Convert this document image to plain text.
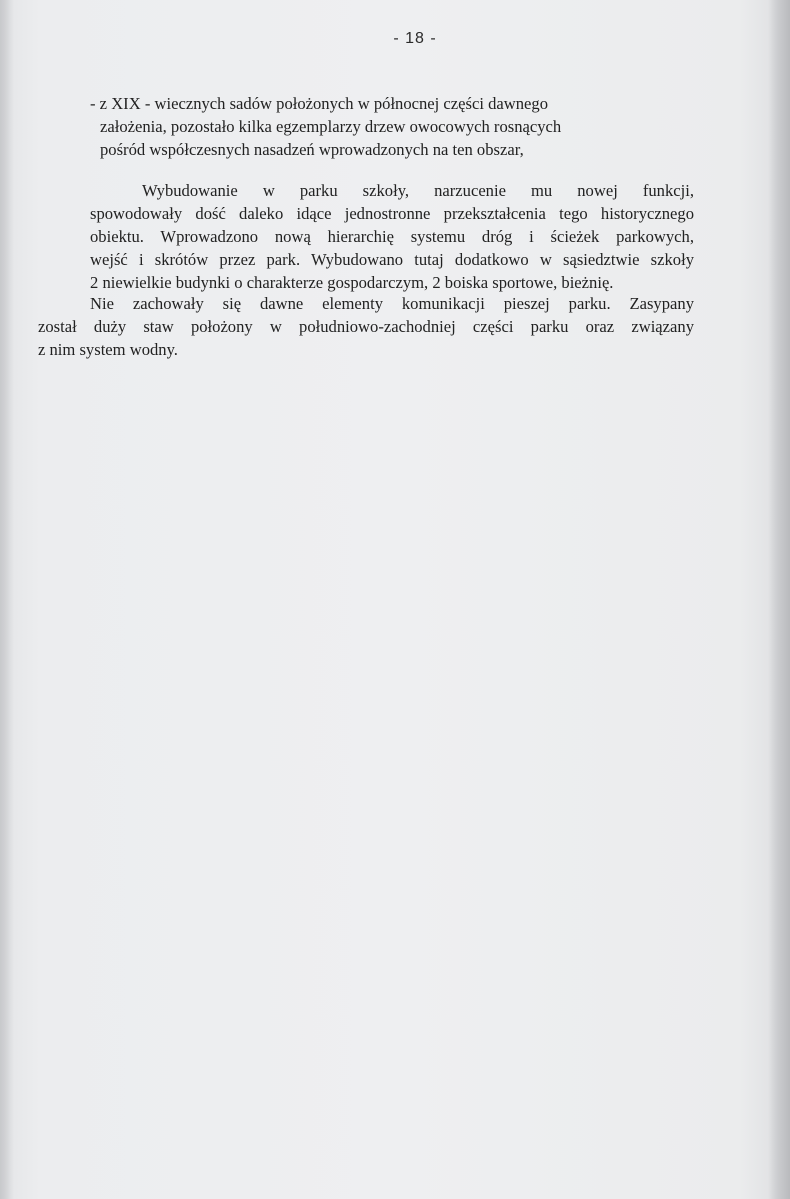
- 18 -
- z XIX - wiecznych sadów położonych w północnej części dawnego
założenia, pozostało kilka egzemplarzy drzew owocowych rosnących
pośród współczesnych nasadzeń wprowadzonych na ten obszar,
Wybudowanie w parku szkoły, narzucenie mu nowej funkcji,
spowodowały dość daleko idące jednostronne przekształcenia tego historycznego
obiektu. Wprowadzono nową hierarchię systemu dróg i ścieżek parkowych,
wejść i skrótów przez park. Wybudowano tutaj dodatkowo w sąsiedztwie szkoły
2 niewielkie budynki o charakterze gospodarczym, 2 boiska sportowe, bieżnię.
Nie zachowały się dawne elementy komunikacji pieszej parku. Zasypany
został duży staw położony w południowo-zachodniej części parku oraz związany
z nim system wodny.
